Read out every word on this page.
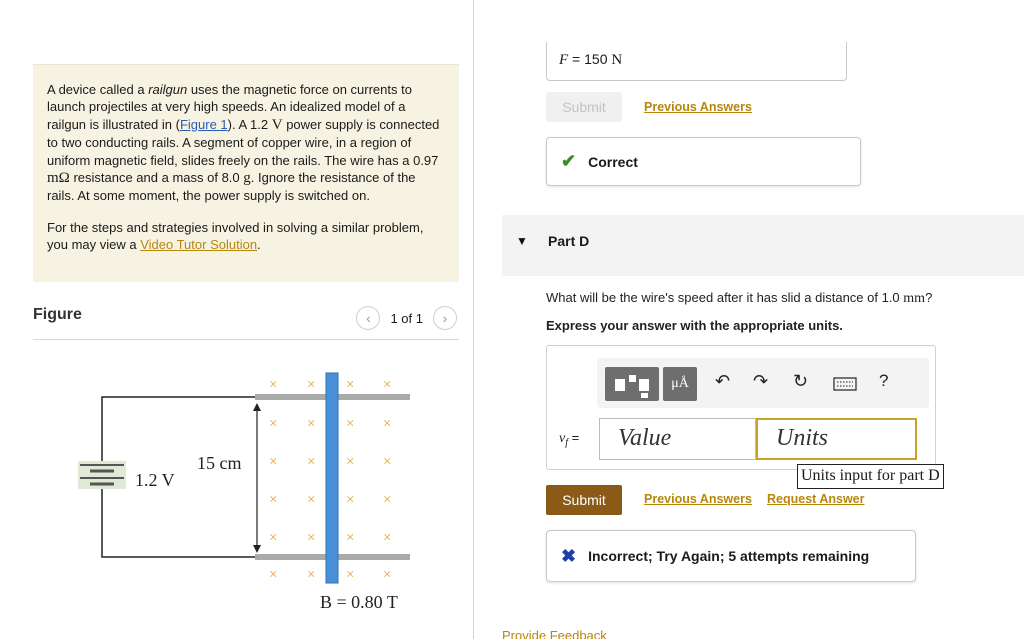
A device called a railgun uses the magnetic force on currents to launch projectiles at very high speeds. An idealized model of a railgun is illustrated in (Figure 1). A 1.2 V power supply is connected to two conducting rails. A segment of copper wire, in a region of uniform magnetic field, slides freely on the rails. The wire has a 0.97 mΩ resistance and a mass of 8.0 g. Ignore the resistance of the rails. At some moment, the power supply is switched on.

For the steps and strategies involved in solving a similar problem, you may view a Video Tutor Solution.

Figure	‹	1 of 1	›
1.2 V
15 cm
× × × ×
× × × ×
× × × ×
× × × ×
× × × ×
× × × ×
B = 0.80 T
F = 150 N
Submit	Previous Answers
✔ Correct
▼ Part D
What will be the wire's speed after it has slid a distance of 1.0 mm?
Express your answer with the appropriate units.
μÅ	↶ ↷ ↻	?
$v_f$ =	Value	Units
Units input for part D
Submit	Previous Answers Request Answer
✖ Incorrect; Try Again; 5 attempts remaining
Provide Feedback
